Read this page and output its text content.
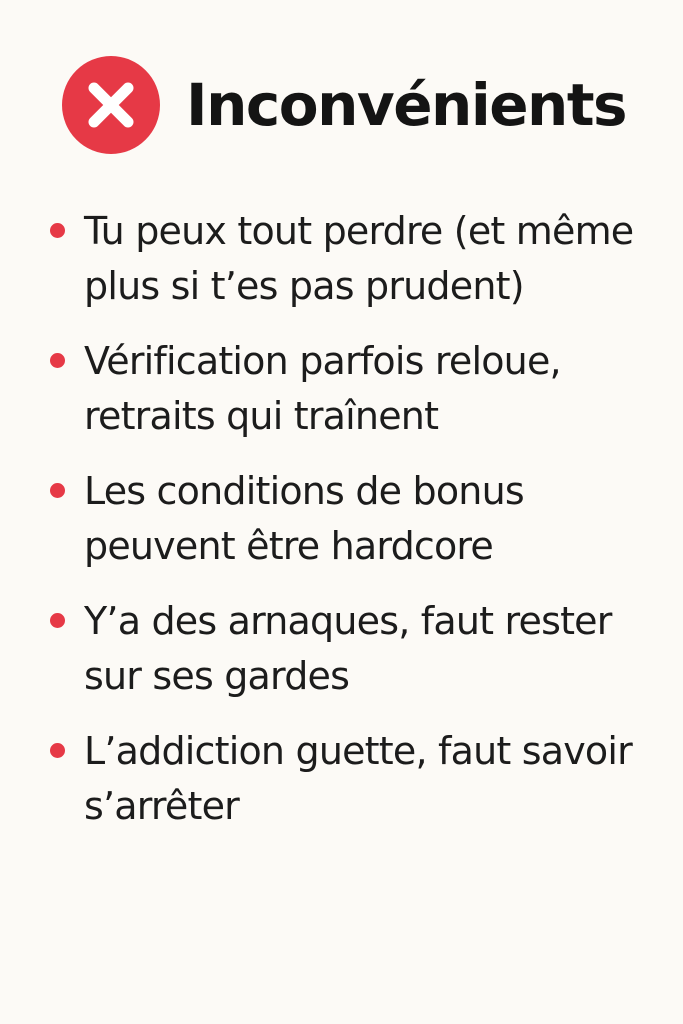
Inconvénients
Tu peux tout perdre (et même plus si t’es pas prudent)
Vérification parfois reloue, retraits qui traînent
Les conditions de bonus peuvent être hardcore
Y’a des arnaques, faut rester sur ses gardes
L’addiction guette, faut savoir s’arrêter
